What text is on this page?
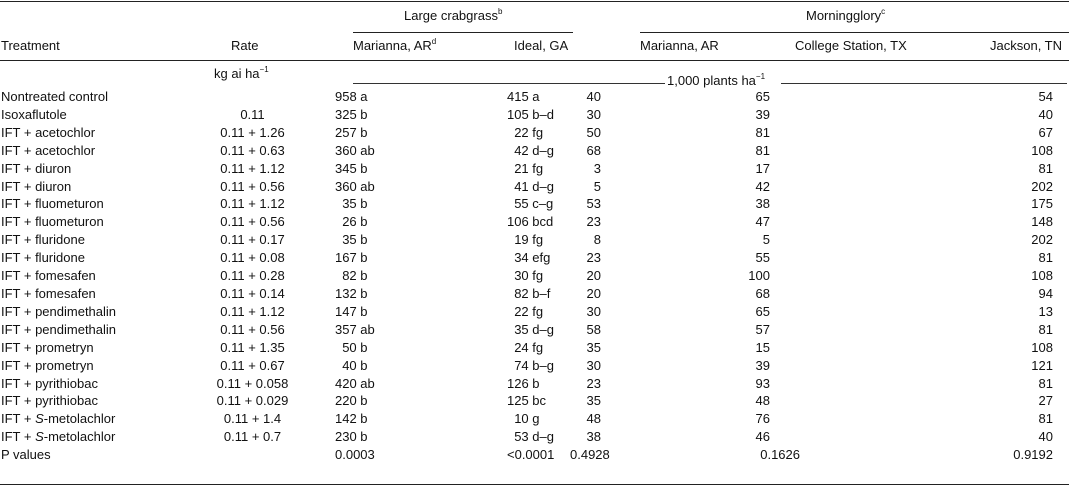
Large crabgrass$^b$	Morningglory$^c$
Treatment	Rate	Marianna, $AR^d$	Ideal, GA	Marianna, AR	College Station, TX	Jackson, TN
kg ai $ha^{-1}$
1,000 plants $ha^{-1}$
Nontreated control		958 a	415 a	40	65	54
Isoxaflutole	0.11	325 b	105 b–d	30	39	40
IFT + acetochlor	0.11 + 1.26	257 b	22 fg	50	81	67
IFT + acetochlor	0.11 + 0.63	360 ab	42 d–g	68	81	108
IFT + diuron	0.11 + 1.12	345 b	21 fg	3	17	81
IFT + diuron	0.11 + 0.56	360 ab	41 d–g	5	42	202
IFT + fluometuron	0.11 + 1.12	35 b	55 c–g	53	38	175
IFT + fluometuron	0.11 + 0.56	26 b	106 bcd	23	47	148
IFT + fluridone	0.11 + 0.17	35 b	19 fg	8	5	202
IFT + fluridone	0.11 + 0.08	167 b	34 efg	23	55	81
IFT + fomesafen	0.11 + 0.28	82 b	30 fg	20	100	108
IFT + fomesafen	0.11 + 0.14	132 b	82 b–f	20	68	94
IFT + pendimethalin	0.11 + 1.12	147 b	22 fg	30	65	13
IFT + pendimethalin	0.11 + 0.56	357 ab	35 d–g	58	57	81
IFT + prometryn	0.11 + 1.35	50 b	24 fg	35	15	108
IFT + prometryn	0.11 + 0.67	40 b	74 b–g	30	39	121
IFT + pyrithiobac	0.11 + 0.058	420 ab	126 b	23	93	81
IFT + pyrithiobac	0.11 + 0.029	220 b	125 bc	35	48	27
IFT + S-metolachlor	0.11 + 1.4	142 b	10 g	48	76	81
IFT + S-metolachlor	0.11 + 0.7	230 b	53 d–g	38	46	40
P values		0.0003	<0.0001	0.4928	0.1626	0.9192
